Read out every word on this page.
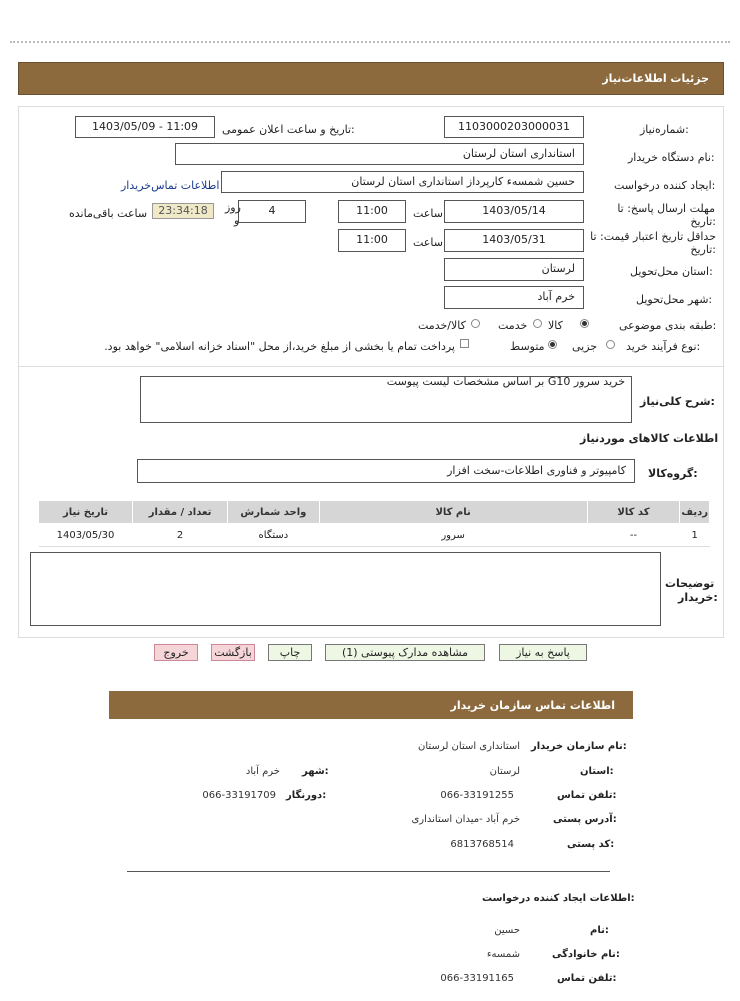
جزئیات اطلاعات‌نیاز
شماره‌نیاز:
1103000203000031
تاریخ و ساعت اعلان عمومی:
1403/05/09 - 11:09
نام دستگاه خریدار:
استانداری استان لرستان
ایجاد کننده درخواست:
حسین شمسه‌ء کارپرداز استانداری استان لرستان
اطلاعات تماس‌خریدار
مهلت ارسال پاسخ: تا
تاریخ:
1403/05/14
ساعت
11:00
4
روز
و
23:34:18
ساعت باقی‌مانده
حداقل تاریخ اعتبار قیمت: تا
تاریخ:
1403/05/31
ساعت
11:00
استان محل‌تحویل:
لرستان
شهر محل‌تحویل:
خرم آباد
طبقه بندی موضوعی:
کالا
خدمت
کالا/خدمت
نوع فرآیند خرید:
جزیی
متوسط
پرداخت تمام یا بخشی از مبلغ خرید،از محل "اسناد خزانه اسلامی" خواهد بود.
شرح کلی‌نیاز:
خرید سرور G10 بر اساس مشخصات لیست پیوست
اطلاعات کالاهای موردنیاز
گروه‌کالا:
کامپیوتر و فناوری اطلاعات-سخت افزار
تاریخ نیاز	تعداد / مقدار	واحد شمارش	نام کالا	کد کالا	ردیف
1403/05/30	2	دستگاه	سرور	--	1
توضیحات
خریدار:
پاسخ به نیاز
مشاهده مدارک پیوستی (1)
چاپ
بازگشت
خروج
اطلاعات تماس سازمان خریدار
نام سازمان خریدار:
استانداری استان لرستان
استان:
لرستان
شهر:
خرم آباد
تلفن تماس:
066-33191255
دورنگار:
066-33191709
آدرس پستی:
خرم آباد -میدان استانداری
کد پستی:
6813768514
اطلاعات ایجاد کننده درخواست:
نام:
حسین
نام خانوادگی:
شمسه‌ء
تلفن تماس:
066-33191165
